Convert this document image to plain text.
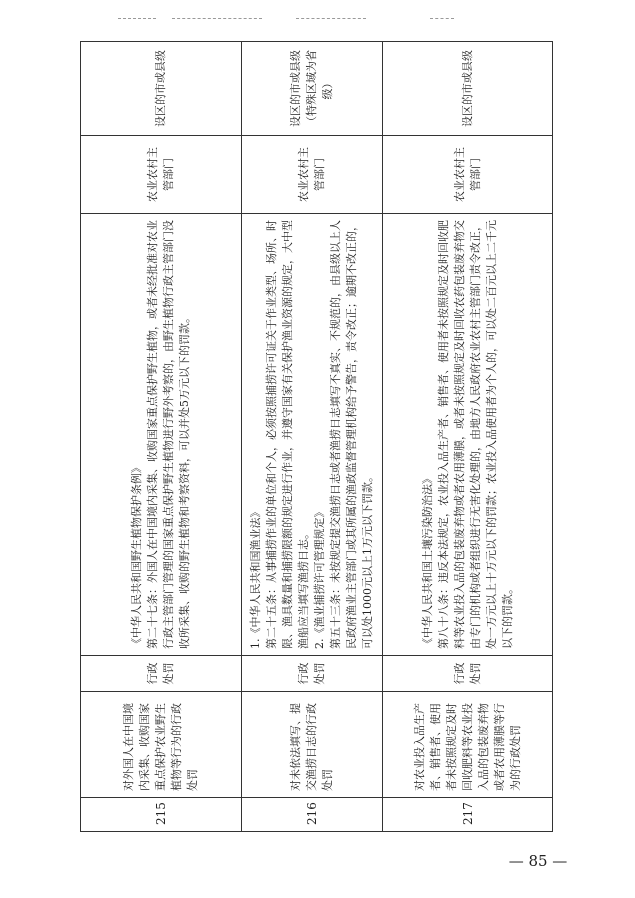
215	对外国人在中国境内采集、收购国家重点保护农业野生植物等行为的行政处罚	行政处罚	《中华人民共和国野生植物保护条例》 第二十七条：外国人在中国境内采集、收购国家重点保护野生植物，或者未经批准对农业行政主管部门管理的国家重点保护野生植物进行野外考察的，由野生植物行政主管部门没收所采集、收购的野生植物和考察资料，可以并处5万元以下的罚款。	农业农村主管部门	设区的市或县级
216	对未依法填写、提交渔捞日志的行政处罚	行政处罚	1.《中华人民共和国渔业法》 第二十五条：从事捕捞作业的单位和个人，必须按照捕捞许可证关于作业类型、场所、时限、渔具数量和捕捞限额的规定进行作业，并遵守国家有关保护渔业资源的规定，大中型渔船应当填写渔捞日志。 2.《渔业捕捞许可管理规定》 第五十三条：未按规定提交渔捞日志或者渔捞日志填写不真实、不规范的，由县级以上人民政府渔业主管部门或其所属的渔政监督管理机构给予警告，责令改正；逾期不改正的，可以处1000元以上1万元以下罚款。	农业农村主管部门	设区的市或县级（特殊区域为省级）
217	对农业投入品生产者、销售者、使用者未按照规定及时回收肥料等农业投入品的包装废弃物或者农用薄膜等行为的行政处罚	行政处罚	《中华人民共和国土壤污染防治法》 第八十八条：违反本法规定，农业投入品生产者、销售者、使用者未按照规定及时回收肥料等农业投入品的包装废弃物或者农用薄膜，或者未按照规定及时回收农药包装废弃物交由专门的机构或者组织进行无害化处理的，由地方人民政府农业农村主管部门责令改正，处一万元以上十万元以下的罚款；农业投入品使用者为个人的，可以处二百元以上二千元以下的罚款。	农业农村主管部门	设区的市或县级
— 85 —
